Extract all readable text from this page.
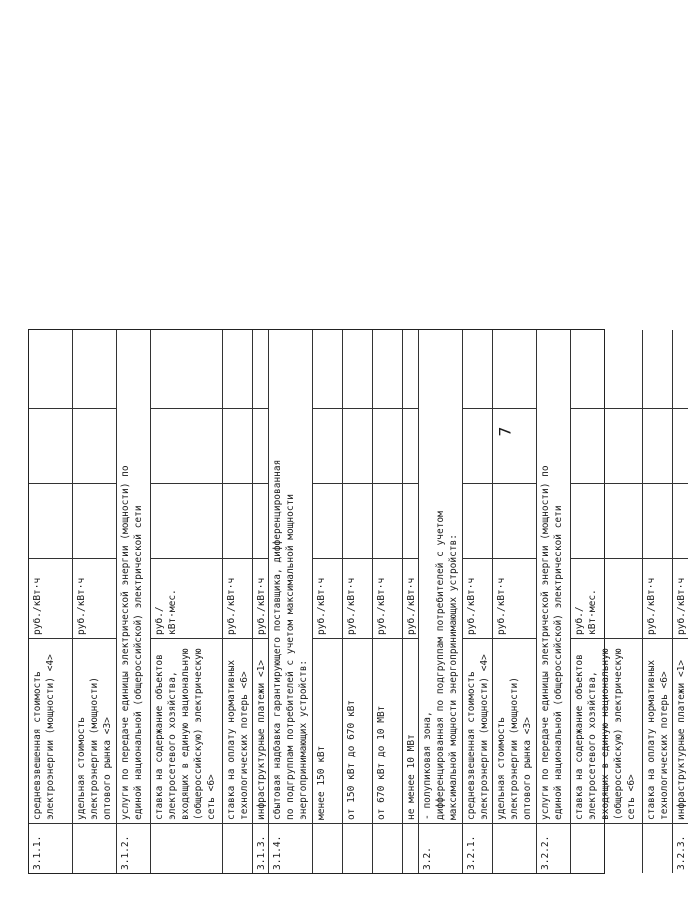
3.1.1.
средневзвешенная стоимость
электроэнергии (мощности) <4>
руб./кВт·ч
удельная стоимость
электроэнергии (мощности)
оптового рынка <3>
руб./кВт·ч
3.1.2.
услуги по передаче единицы электрической энергии (мощности) по
единой национальной (общероссийской) электрической сети
ставка на содержание объектов
электросетевого хозяйства,
входящих в единую национальную
(общероссийскую) электрическую
сеть <6>
руб./
кВт·мес.
ставка на оплату нормативных
технологических потерь <6>
руб./кВт·ч
3.1.3.
инфраструктурные платежи <1>
руб./кВт·ч
3.1.4.
сбытовая надбавка гарантирующего поставщика, дифференцированная
по подгруппам потребителей с учетом максимальной мощности
энергопринимающих устройств:
менее 150 кВт
руб./кВт·ч
от 150 кВт до 670 кВт
руб./кВт·ч
от 670 кВт до 10 МВт
руб./кВт·ч
не менее 10 МВт
руб./кВт·ч
3.2.
- полупиковая зона,
дифференцированная по подгруппам потребителей с учетом
максимальной мощности энергопринимающих устройств:
3.2.1.
средневзвешенная стоимость
электроэнергии (мощности) <4>
руб./кВт·ч
удельная стоимость
электроэнергии (мощности)
оптового рынка <3>
руб./кВт·ч
3.2.2.
услуги по передаче единицы электрической энергии (мощности) по
единой национальной (общероссийской) электрической сети
ставка на содержание объектов
электросетевого хозяйства,
входящих в единую национальную
(общероссийскую) электрическую
сеть <6>
руб./
кВт·мес.
ставка на оплату нормативных
технологических потерь <6>
руб./кВт·ч
3.2.3.
инфраструктурные платежи <1>
руб./кВт·ч
7
